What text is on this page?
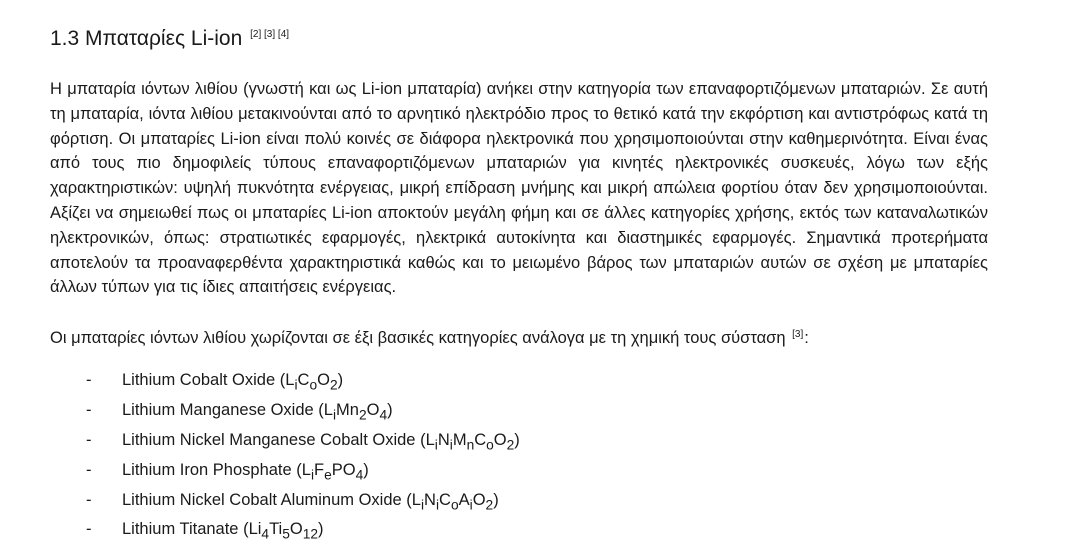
1.3 Μπαταρίες Li-ion [2] [3] [4]

Η μπαταρία ιόντων λιθίου (γνωστή και ως Li-ion μπαταρία) ανήκει στην κατηγορία των επαναφορτιζόμενων μπαταριών. Σε αυτή τη μπαταρία, ιόντα λιθίου μετακινούνται από το αρνητικό ηλεκτρόδιο προς το θετικό κατά την εκφόρτιση και αντιστρόφως κατά τη φόρτιση. Οι μπαταρίες Li-ion είναι πολύ κοινές σε διάφορα ηλεκτρονικά που χρησιμοποιούνται στην καθημερινότητα. Είναι ένας από τους πιο δημοφιλείς τύπους επαναφορτιζόμενων μπαταριών για κινητές ηλεκτρονικές συσκευές, λόγω των εξής χαρακτηριστικών: υψηλή πυκνότητα ενέργειας, μικρή επίδραση μνήμης και μικρή απώλεια φορτίου όταν δεν χρησιμοποιούνται. Αξίζει να σημειωθεί πως οι μπαταρίες Li-ion αποκτούν μεγάλη φήμη και σε άλλες κατηγορίες χρήσης, εκτός των καταναλωτικών ηλεκτρονικών, όπως: στρατιωτικές εφαρμογές, ηλεκτρικά αυτοκίνητα και διαστημικές εφαρμογές. Σημαντικά προτερήματα αποτελούν τα προαναφερθέντα χαρακτηριστικά καθώς και το μειωμένο βάρος των μπαταριών αυτών σε σχέση με μπαταρίες άλλων τύπων για τις ίδιες απαιτήσεις ενέργειας.

Οι μπαταρίες ιόντων λιθίου χωρίζονται σε έξι βασικές κατηγορίες ανάλογα με τη χημική τους σύσταση [3]:

- Lithium Cobalt Oxide $(L_iC_oO_2)$
- Lithium Manganese Oxide $(L_iMn_2O_4)$
- Lithium Nickel Manganese Cobalt Oxide $(L_iN_iM_nC_oO_2)$
- Lithium Iron Phosphate $(L_iF_ePO_4)$
- Lithium Nickel Cobalt Aluminum Oxide $(L_iN_iC_oA_iO_2)$
- Lithium Titanate $(Li_4Ti_5O_{12})$
